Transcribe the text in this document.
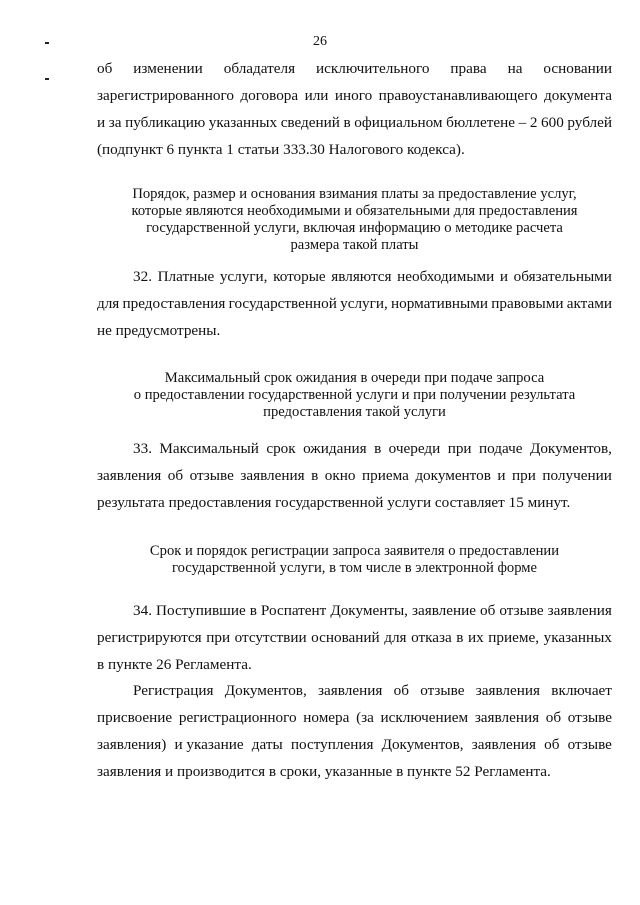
26
об изменении обладателя исключительного права на основании
зарегистрированного договора или иного правоустанавливающего документа
и за публикацию указанных сведений в официальном бюллетене – 2 600 рублей
(подпункт 6 пункта 1 статьи 333.30 Налогового кодекса).
Порядок, размер и основания взимания платы за предоставление услуг,
которые являются необходимыми и обязательными для предоставления
государственной услуги, включая информацию о методике расчета
размера такой платы
32. Платные услуги, которые являются необходимыми и обязательными
для предоставления государственной услуги, нормативными правовыми актами
не предусмотрены.
Максимальный срок ожидания в очереди при подаче запроса
о предоставлении государственной услуги и при получении результата
предоставления такой услуги
33. Максимальный срок ожидания в очереди при подаче Документов,
заявления об отзыве заявления в окно приема документов и при получении
результата предоставления государственной услуги составляет 15 минут.
Срок и порядок регистрации запроса заявителя о предоставлении
государственной услуги, в том числе в электронной форме
34. Поступившие в Роспатент Документы, заявление об отзыве заявления
регистрируются при отсутствии оснований для отказа в их приеме, указанных
в пункте 26 Регламента.
Регистрация Документов, заявления об отзыве заявления включает
присвоение регистрационного номера (за исключением заявления об отзыве
заявления) и указание даты поступления Документов, заявления об отзыве
заявления и производится в сроки, указанные в пункте 52 Регламента.
